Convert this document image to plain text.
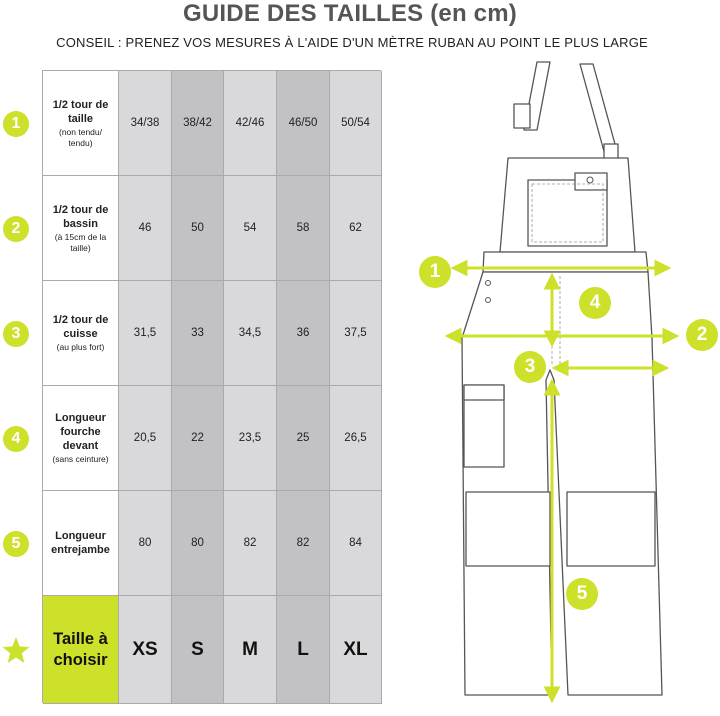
GUIDE DES TAILLES (en cm)
CONSEIL : PRENEZ VOS MESURES À L'AIDE D'UN MÈTRE RUBAN AU POINT LE PLUS LARGE
1
2
3
4
5
1/2 tour de taille
(non tendu/ tendu)
34/38 38/42 42/46 46/50 50/54
1/2 tour de bassin
(à 15cm de la taille)
46	50	54	58	62
1/2 tour de cuisse
(au plus fort)
31,5	33	34,5	36	37,5
Longueur fourche devant
(sans ceinture)
20,5	22	23,5	25	26,5
Longueur entrejambe
80	80	82	82	84
Taille à choisir	XS S M L XL
1
2
3
4
5
